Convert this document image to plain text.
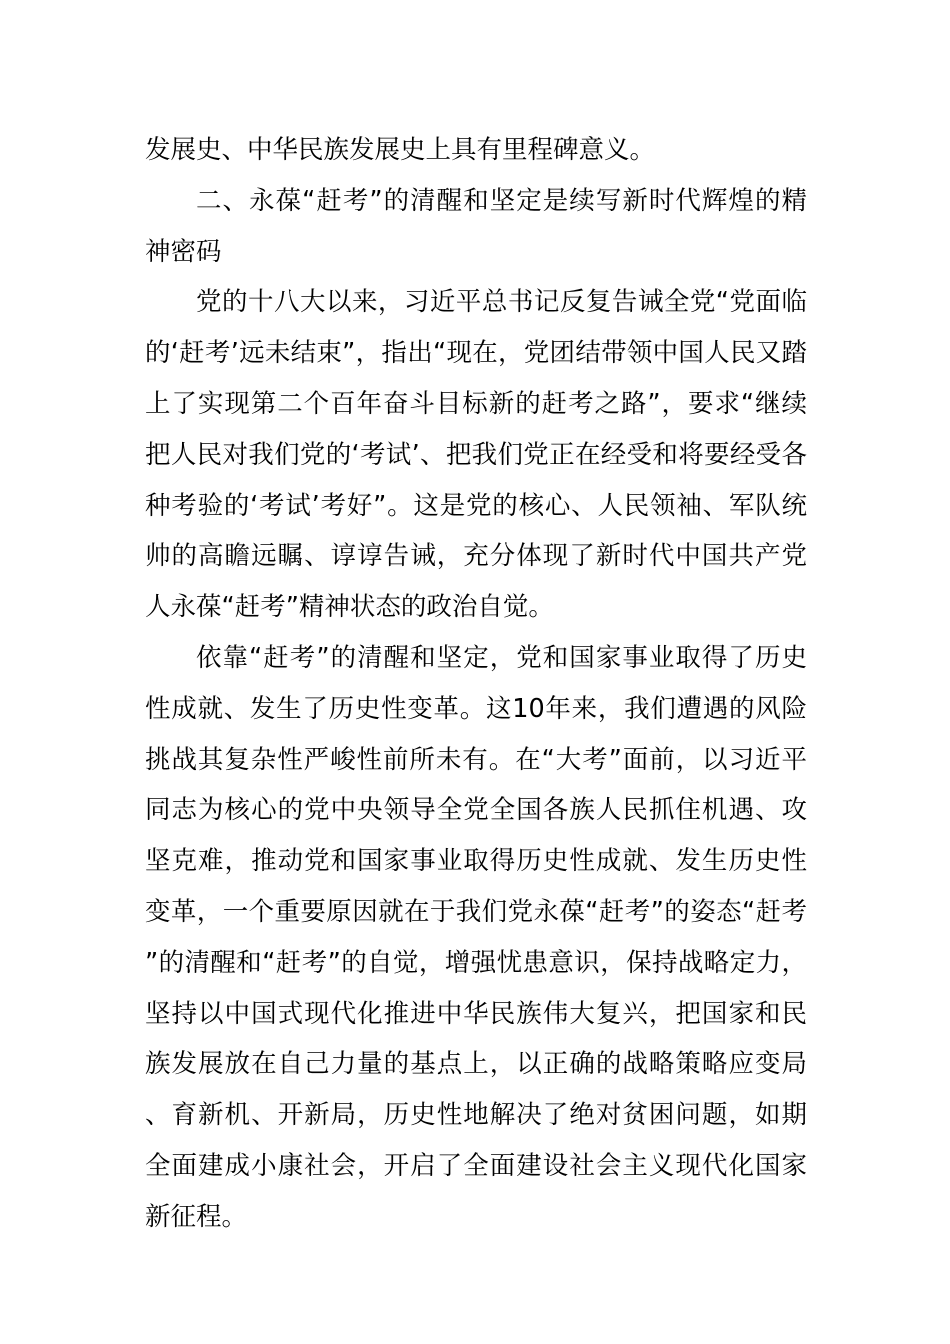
发展史、中华民族发展史上具有里程碑意义。

二、永葆“赶考”的清醒和坚定是续写新时代辉煌的精神密码

党的十八大以来，习近平总书记反复告诫全党“党面临的‘赶考’远未结束”，指出“现在，党团结带领中国人民又踏上了实现第二个百年奋斗目标新的赶考之路”，要求“继续把人民对我们党的‘考试’、把我们党正在经受和将要经受各种考验的‘考试’考好”。这是党的核心、人民领袖、军队统帅的高瞻远瞩、谆谆告诫，充分体现了新时代中国共产党人永葆“赶考”精神状态的政治自觉。

依靠“赶考”的清醒和坚定，党和国家事业取得了历史性成就、发生了历史性变革。这10年来，我们遭遇的风险挑战其复杂性严峻性前所未有。在“大考”面前，以习近平同志为核心的党中央领导全党全国各族人民抓住机遇、攻坚克难，推动党和国家事业取得历史性成就、发生历史性变革，一个重要原因就在于我们党永葆“赶考”的姿态“赶考”的清醒和“赶考”的自觉，增强忧患意识，保持战略定力，坚持以中国式现代化推进中华民族伟大复兴，把国家和民族发展放在自己力量的基点上，以正确的战略策略应变局、育新机、开新局，历史性地解决了绝对贫困问题，如期全面建成小康社会，开启了全面建设社会主义现代化国家新征程。
